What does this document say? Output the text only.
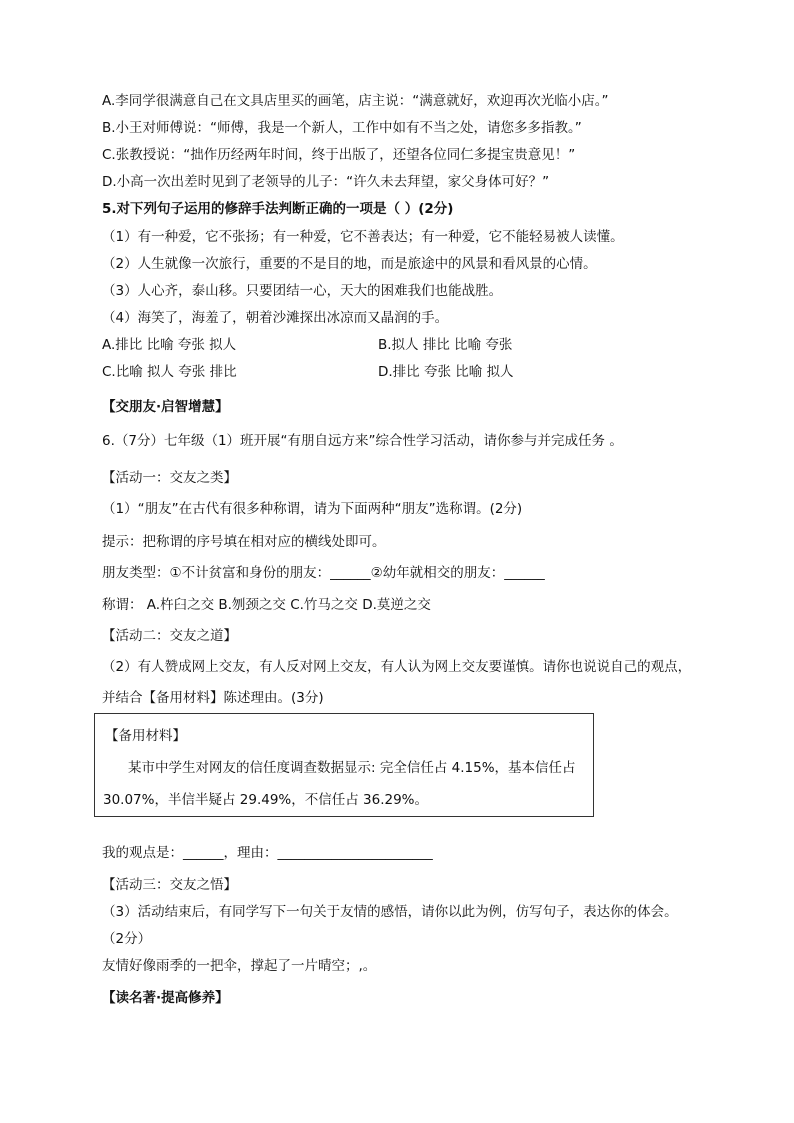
A.李同学很满意自己在文具店里买的画笔，店主说：“满意就好，欢迎再次光临小店。”
B.小王对师傅说：“师傅，我是一个新人，工作中如有不当之处，请您多多指教。”
C.张教授说：“拙作历经两年时间，终于出版了，还望各位同仁多提宝贵意见！”
D.小高一次出差时见到了老领导的儿子：“许久未去拜望，家父身体可好？”
5.对下列句子运用的修辞手法判断正确的一项是（ ）(2分)
（1）有一种爱，它不张扬；有一种爱，它不善表达；有一种爱，它不能轻易被人读懂。
（2）人生就像一次旅行，重要的不是目的地，而是旅途中的风景和看风景的心情。
（3）人心齐，泰山移。只要团结一心，天大的困难我们也能战胜。
（4）海笑了，海羞了，朝着沙滩探出冰凉而又晶润的手。
A.排比 比喻 夸张 拟人	B.拟人 排比 比喻 夸张
C.比喻 拟人 夸张 排比	D.排比 夸张 比喻 拟人
【交朋友·启智增慧】
6.（7分）七年级（1）班开展“有朋自远方来”综合性学习活动，请你参与并完成任务 。
【活动一：交友之类】
（1）“朋友”在古代有很多种称谓，请为下面两种“朋友”选称谓。(2分)
提示：把称谓的序号填在相对应的横线处即可。
朋友类型：①不计贫富和身份的朋友：______②幼年就相交的朋友：______
称谓： A.杵臼之交 B.刎颈之交 C.竹马之交 D.莫逆之交
【活动二：交友之道】
（2）有人赞成网上交友，有人反对网上交友，有人认为网上交友要谨慎。请你也说说自己的观点，
并结合【备用材料】陈述理由。(3分)
【备用材料】
某市中学生对网友的信任度调查数据显示: 完全信任占 4.15%，基本信任占
30.07%，半信半疑占 29.49%，不信任占 36.29%。
我的观点是：______，理由：_______________________
【活动三：交友之悟】
（3）活动结束后，有同学写下一句关于友情的感悟，请你以此为例，仿写句子，表达你的体会。
（2分）
友情好像雨季的一把伞，撑起了一片晴空；,。
【读名著·提高修养】
